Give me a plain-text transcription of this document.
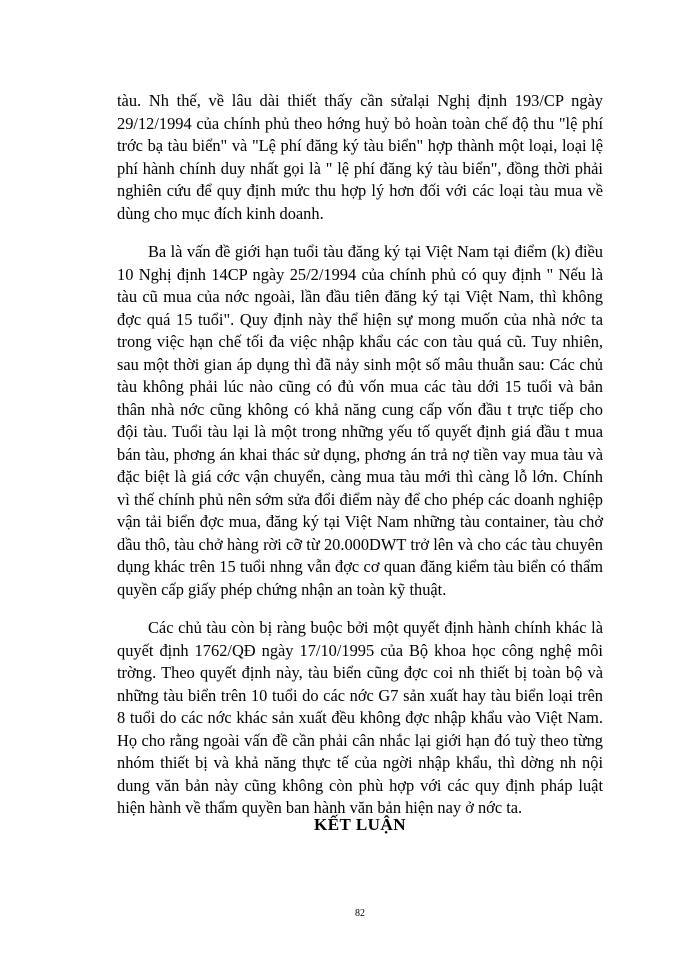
tàu. Nh thế, về lâu dài thiết thấy cần sửalại Nghị định 193/CP ngày 29/12/1994 của chính phủ theo hớng huỷ bỏ hoàn toàn chế độ thu "lệ phí trớc bạ tàu biển" và "Lệ phí đăng ký tàu biển" hợp thành một loại, loại lệ phí hành chính duy nhất gọi là " lệ phí đăng ký tàu biển", đồng thời phải nghiên cứu để quy định mức thu hợp lý hơn đối với các loại tàu mua về dùng cho mục đích kinh doanh.

Ba là vấn đề giới hạn tuổi tàu đăng ký tại Việt Nam tại điểm (k) điều 10 Nghị định 14CP ngày 25/2/1994 của chính phủ có quy định " Nếu là tàu cũ mua của nớc ngoài, lần đầu tiên đăng ký tại Việt Nam, thì không đợc quá 15 tuổi". Quy định này thể hiện sự mong muốn của nhà nớc ta trong việc hạn chế tối đa việc nhập khẩu các con tàu quá cũ. Tuy nhiên, sau một thời gian áp dụng thì đã nảy sinh một số mâu thuẫn sau: Các chủ tàu không phải lúc nào cũng có đủ vốn mua các tàu dới 15 tuổi và bản thân nhà nớc cũng không có khả năng cung cấp vốn đầu t trực tiếp cho đội tàu. Tuổi tàu lại là một trong những yếu tố quyết định giá đầu t mua bán tàu, phơng án khai thác sử dụng, phơng án trả nợ tiền vay mua tàu và đặc biệt là giá cớc vận chuyển, càng mua tàu mới thì càng lỗ lớn. Chính vì thế chính phủ nên sớm sửa đổi điểm này để cho phép các doanh nghiệp vận tải biển đợc mua, đăng ký tại Việt Nam những tàu container, tàu chở dầu thô, tàu chở hàng rời cỡ từ 20.000DWT trở lên và cho các tàu chuyên dụng khác trên 15 tuổi nhng vẫn đợc cơ quan đăng kiểm tàu biển có thẩm quyền cấp giấy phép chứng nhận an toàn kỹ thuật.

Các chủ tàu còn bị ràng buộc bởi một quyết định hành chính khác là quyết định 1762/QĐ ngày 17/10/1995 của Bộ khoa học công nghệ môi trờng. Theo quyết định này, tàu biển cũng đợc coi nh thiết bị toàn bộ và những tàu biển trên 10 tuổi do các nớc G7 sản xuất hay tàu biển loại trên 8 tuổi do các nớc khác sản xuất đều không đợc nhập khẩu vào Việt Nam. Họ cho rằng ngoài vấn đề cần phải cân nhắc lại giới hạn đó tuỳ theo từng nhóm thiết bị và khả năng thực tế của ngời nhập khẩu, thì dờng nh nội dung văn bản này cũng không còn phù hợp với các quy định pháp luật hiện hành về thẩm quyền ban hành văn bản hiện nay ở nớc ta.

KẾT LUẬN
82
